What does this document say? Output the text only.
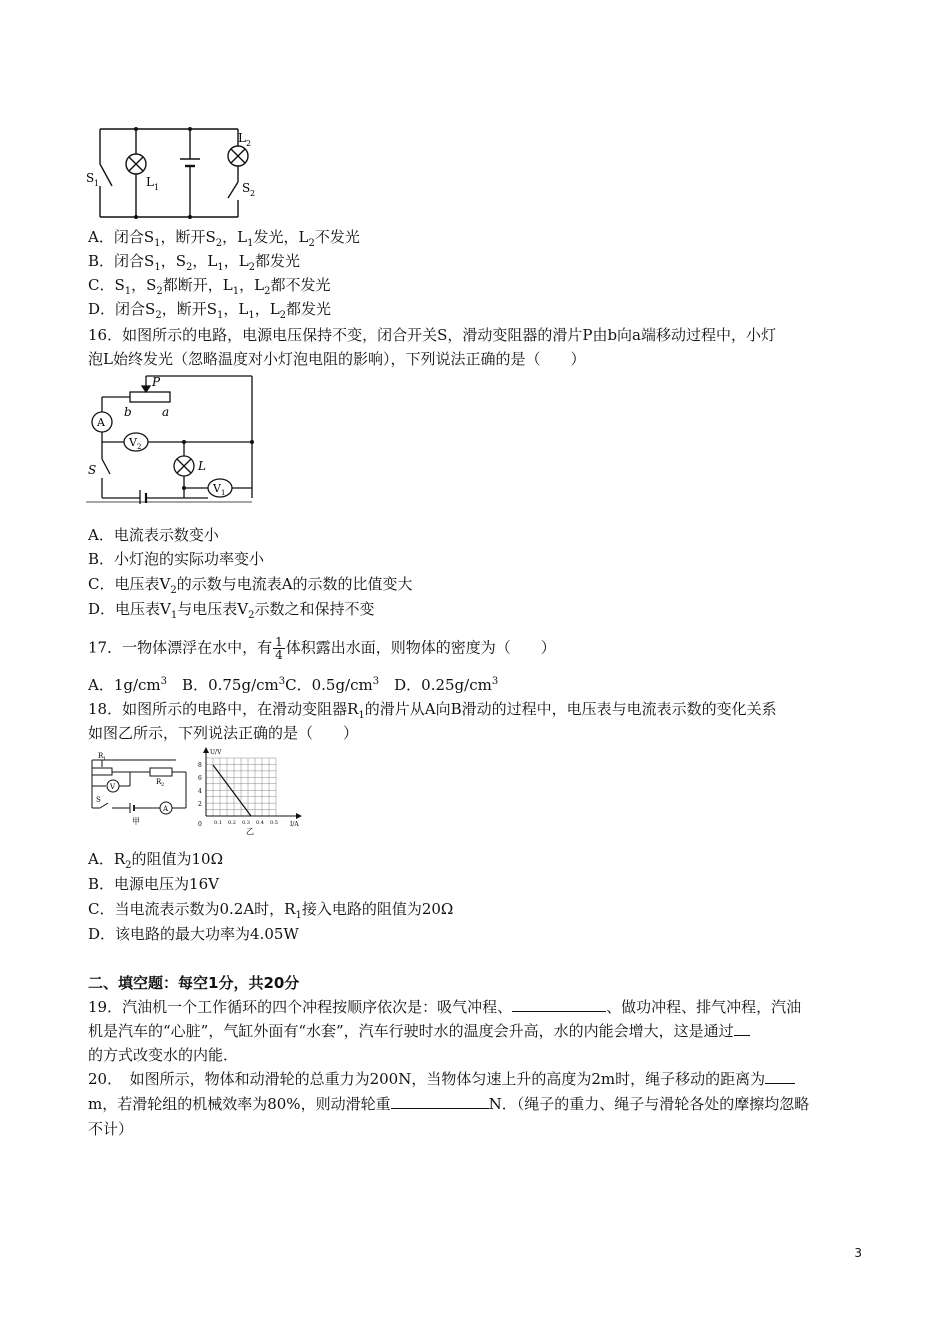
S 1	L 1
L 2
S 2
A．闭合$S_1$，断开$S_2$，$L_1$发光，$L_2$不发光
B．闭合$S_1$，$S_2$，$L_1$，$L_2$都发光
C．$S_1$，$S_2$都断开，$L_1$，$L_2$都不发光
D．闭合$S_2$，断开$S_1$，$L_1$，$L_2$都发光
16．如图所示的电路，电源电压保持不变，闭合开关S，滑动变阻器的滑片P由b向a端移动过程中，小灯
泡L始终发光（忽略温度对小灯泡电阻的影响），下列说法正确的是（　　）
P
b	a
A
V 2
L
S
V 1
A．电流表示数变小
B．小灯泡的实际功率变小
C．电压表$V_2$的示数与电流表A的示数的比值变大
D．电压表$V_1$与电压表$V_2$示数之和保持不变
17．一物体漂浮在水中，有 $\frac{1}{4}$ 体积露出水面，则物体的密度为（　　）
A．$1g/cm^3$　B．$0.75g/cm^3C$．$0.5g/cm^3$　D．$0.25g/cm^3$
18．如图所示的电路中，在滑动变阻器$R_1$的滑片从A向B滑动的过程中，电压表与电流表示数的变化关系
如图乙所示，下列说法正确的是（　　）
R 1
R 2
V
S
A
甲
U/V
I/A
0
8
6
4
2
0.1 0.2 0.3 0.4 0.5
乙
A．$R_2$的阻值为10Ω
B．电源电压为16V
C．当电流表示数为0.2A时，$R_1$接入电路的阻值为20Ω
D．该电路的最大功率为4.05W
二、填空题：每空1分，共20分
19．汽油机一个工作循环的四个冲程按顺序依次是：吸气冲程、	、做功冲程、排气冲程，汽油
机是汽车的“心脏”，气缸外面有“水套”，汽车行驶时水的温度会升高，水的内能会增大，这是通过
的方式改变水的内能．
20．　如图所示，物体和动滑轮的总重力为200N，当物体匀速上升的高度为2m时，绳子移动的距离为
m，若滑轮组的机械效率为80%，则动滑轮重	N．（绳子的重力、绳子与滑轮各处的摩擦均忽略
不计）
3
